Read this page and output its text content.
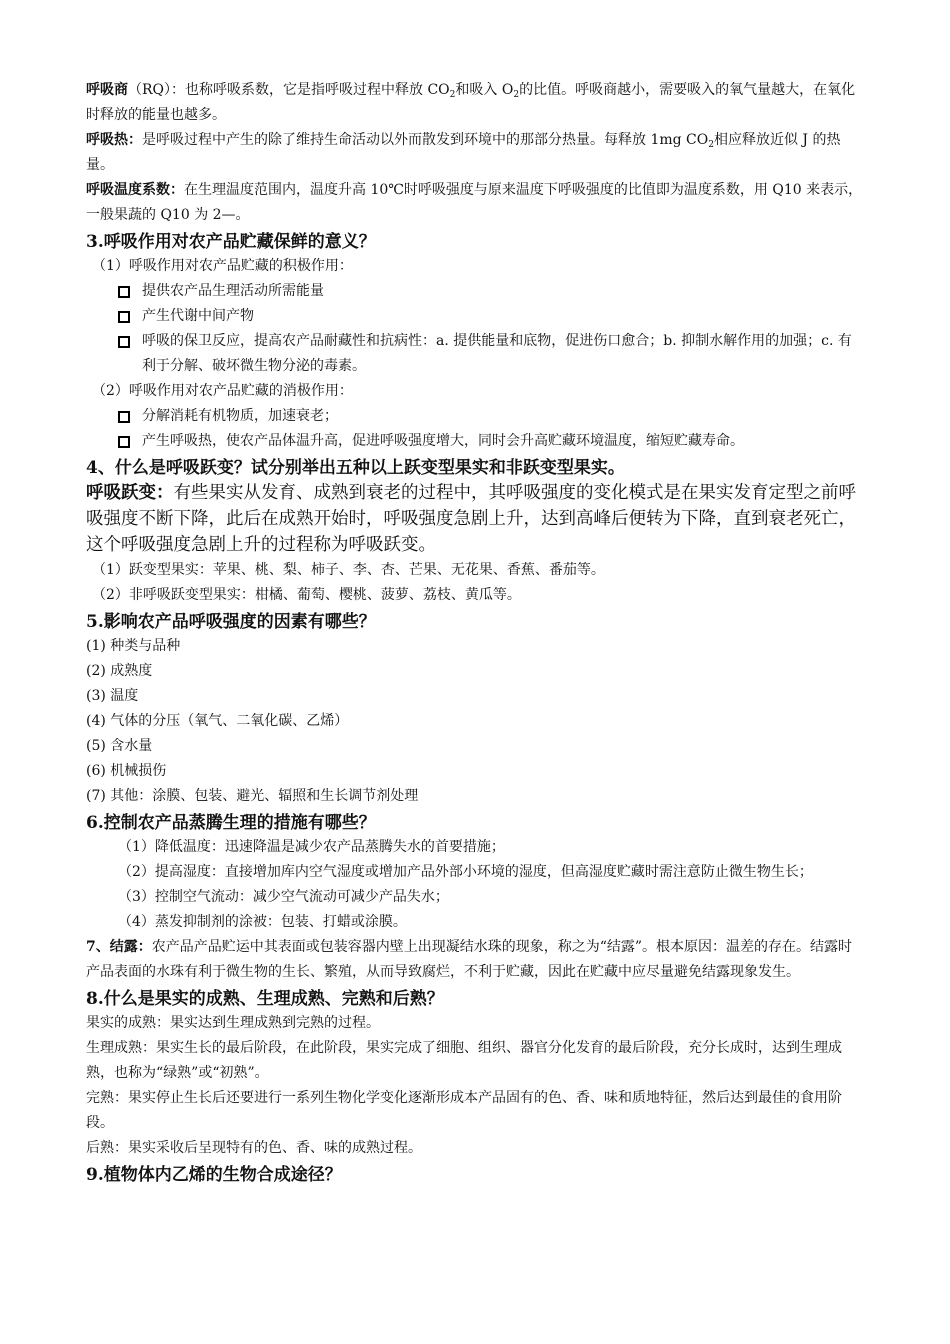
呼吸商（RQ）：也称呼吸系数，它是指呼吸过程中释放 $CO_2$和吸入 $O_2$的比值。呼吸商越小，需要吸入的氧气量越大，在氧化时释放的能量也越多。

呼吸热：是呼吸过程中产生的除了维持生命活动以外而散发到环境中的那部分热量。每释放 1mg $CO_2$相应释放近似 J 的热量。

呼吸温度系数：在生理温度范围内，温度升高 10℃时呼吸强度与原来温度下呼吸强度的比值即为温度系数，用 Q10 来表示，一般果蔬的 Q10 为 2—。

3.呼吸作用对农产品贮藏保鲜的意义？

（1）呼吸作用对农产品贮藏的积极作用：

提供农产品生理活动所需能量

产生代谢中间产物

呼吸的保卫反应，提高农产品耐藏性和抗病性：a. 提供能量和底物，促进伤口愈合；b. 抑制水解作用的加强；c. 有利于分解、破坏微生物分泌的毒素。

（2）呼吸作用对农产品贮藏的消极作用：

分解消耗有机物质，加速衰老；

产生呼吸热，使农产品体温升高，促进呼吸强度增大，同时会升高贮藏环境温度，缩短贮藏寿命。

4、什么是呼吸跃变？试分别举出五种以上跃变型果实和非跃变型果实。

呼吸跃变：有些果实从发育、成熟到衰老的过程中，其呼吸强度的变化模式是在果实发育定型之前呼吸强度不断下降，此后在成熟开始时，呼吸强度急剧上升，达到高峰后便转为下降，直到衰老死亡，这个呼吸强度急剧上升的过程称为呼吸跃变。

（1）跃变型果实：苹果、桃、梨、柿子、李、杏、芒果、无花果、香蕉、番茄等。

（2）非呼吸跃变型果实：柑橘、葡萄、樱桃、菠萝、荔枝、黄瓜等。

5.影响农产品呼吸强度的因素有哪些？

(1) 种类与品种

(2) 成熟度

(3) 温度

(4) 气体的分压（氧气、二氧化碳、乙烯）

(5) 含水量

(6) 机械损伤

(7) 其他：涂膜、包装、避光、辐照和生长调节剂处理

6.控制农产品蒸腾生理的措施有哪些？

（1）降低温度：迅速降温是减少农产品蒸腾失水的首要措施；

（2）提高湿度：直接增加库内空气湿度或增加产品外部小环境的湿度，但高湿度贮藏时需注意防止微生物生长；

（3）控制空气流动：减少空气流动可减少产品失水；

（4）蒸发抑制剂的涂被：包装、打蜡或涂膜。

7、结露：农产品产品贮运中其表面或包装容器内壁上出现凝结水珠的现象，称之为“结露”。根本原因：温差的存在。结露时产品表面的水珠有利于微生物的生长、繁殖，从而导致腐烂，不利于贮藏，因此在贮藏中应尽量避免结露现象发生。

8.什么是果实的成熟、生理成熟、完熟和后熟？

果实的成熟：果实达到生理成熟到完熟的过程。

生理成熟：果实生长的最后阶段，在此阶段，果实完成了细胞、组织、器官分化发育的最后阶段，充分长成时，达到生理成熟，也称为“绿熟”或“初熟”。

完熟：果实停止生长后还要进行一系列生物化学变化逐渐形成本产品固有的色、香、味和质地特征，然后达到最佳的食用阶段。

后熟：果实采收后呈现特有的色、香、味的成熟过程。

9.植物体内乙烯的生物合成途径？
